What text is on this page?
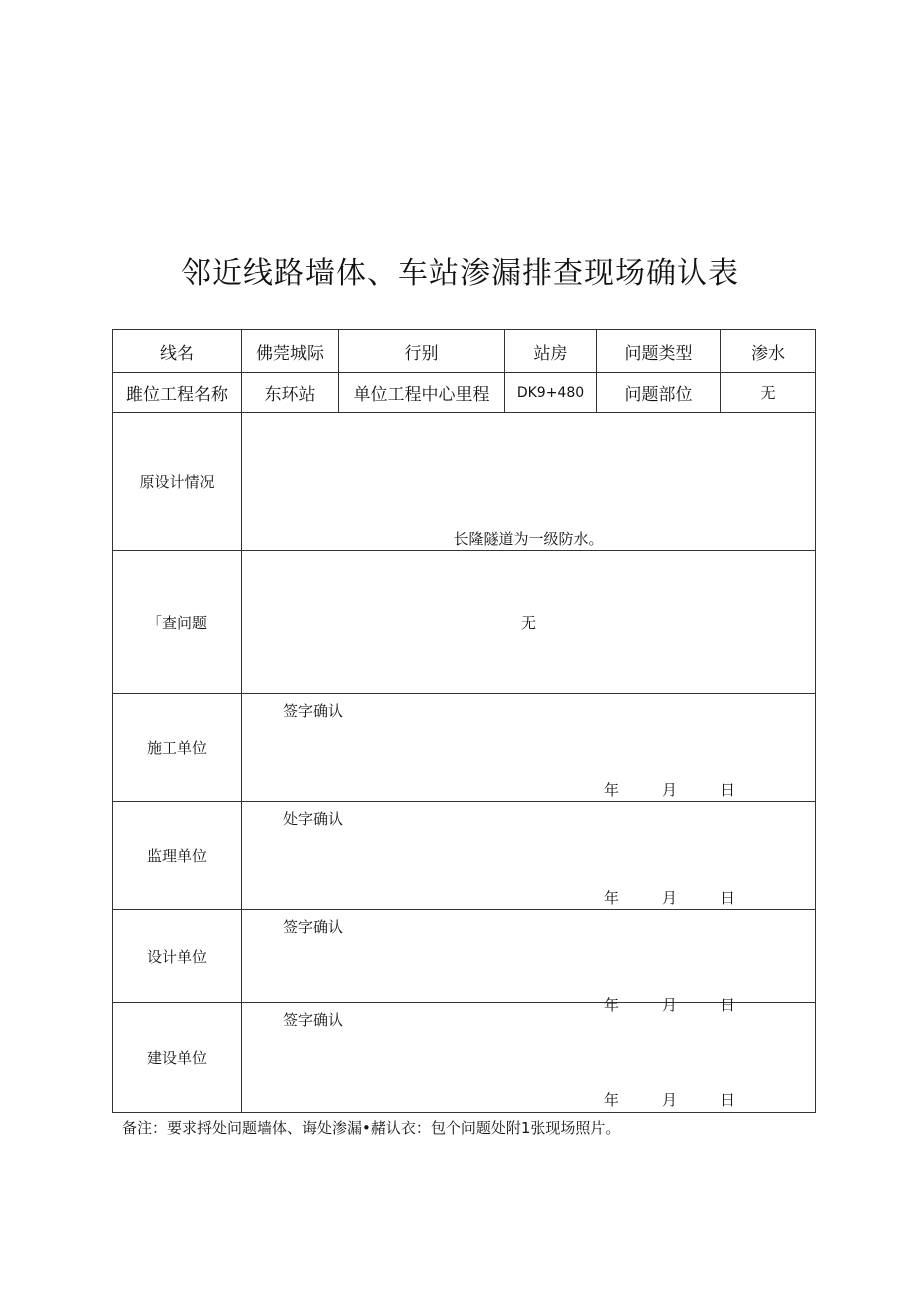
邻近线路墙体、车站渗漏排查现场确认表
线名	佛莞城际	行别	站房	问题类型	渗水
雎位工程名称	东环站	单位工程中心里程	DK9+480	问题部位	无
原设计情况	长隆隧道为一级防水。				

「查问题	无				
施工单位	签字确认
年 月 日				

监理单位	处字确认
年 月 日				

设计单位	签字确认
年 月 日				

建设单位	签字确认
年 月 日				
备注：要求捋处问题墙体、诲处渗漏•赭认衣：包个问题处附1张现场照片。
